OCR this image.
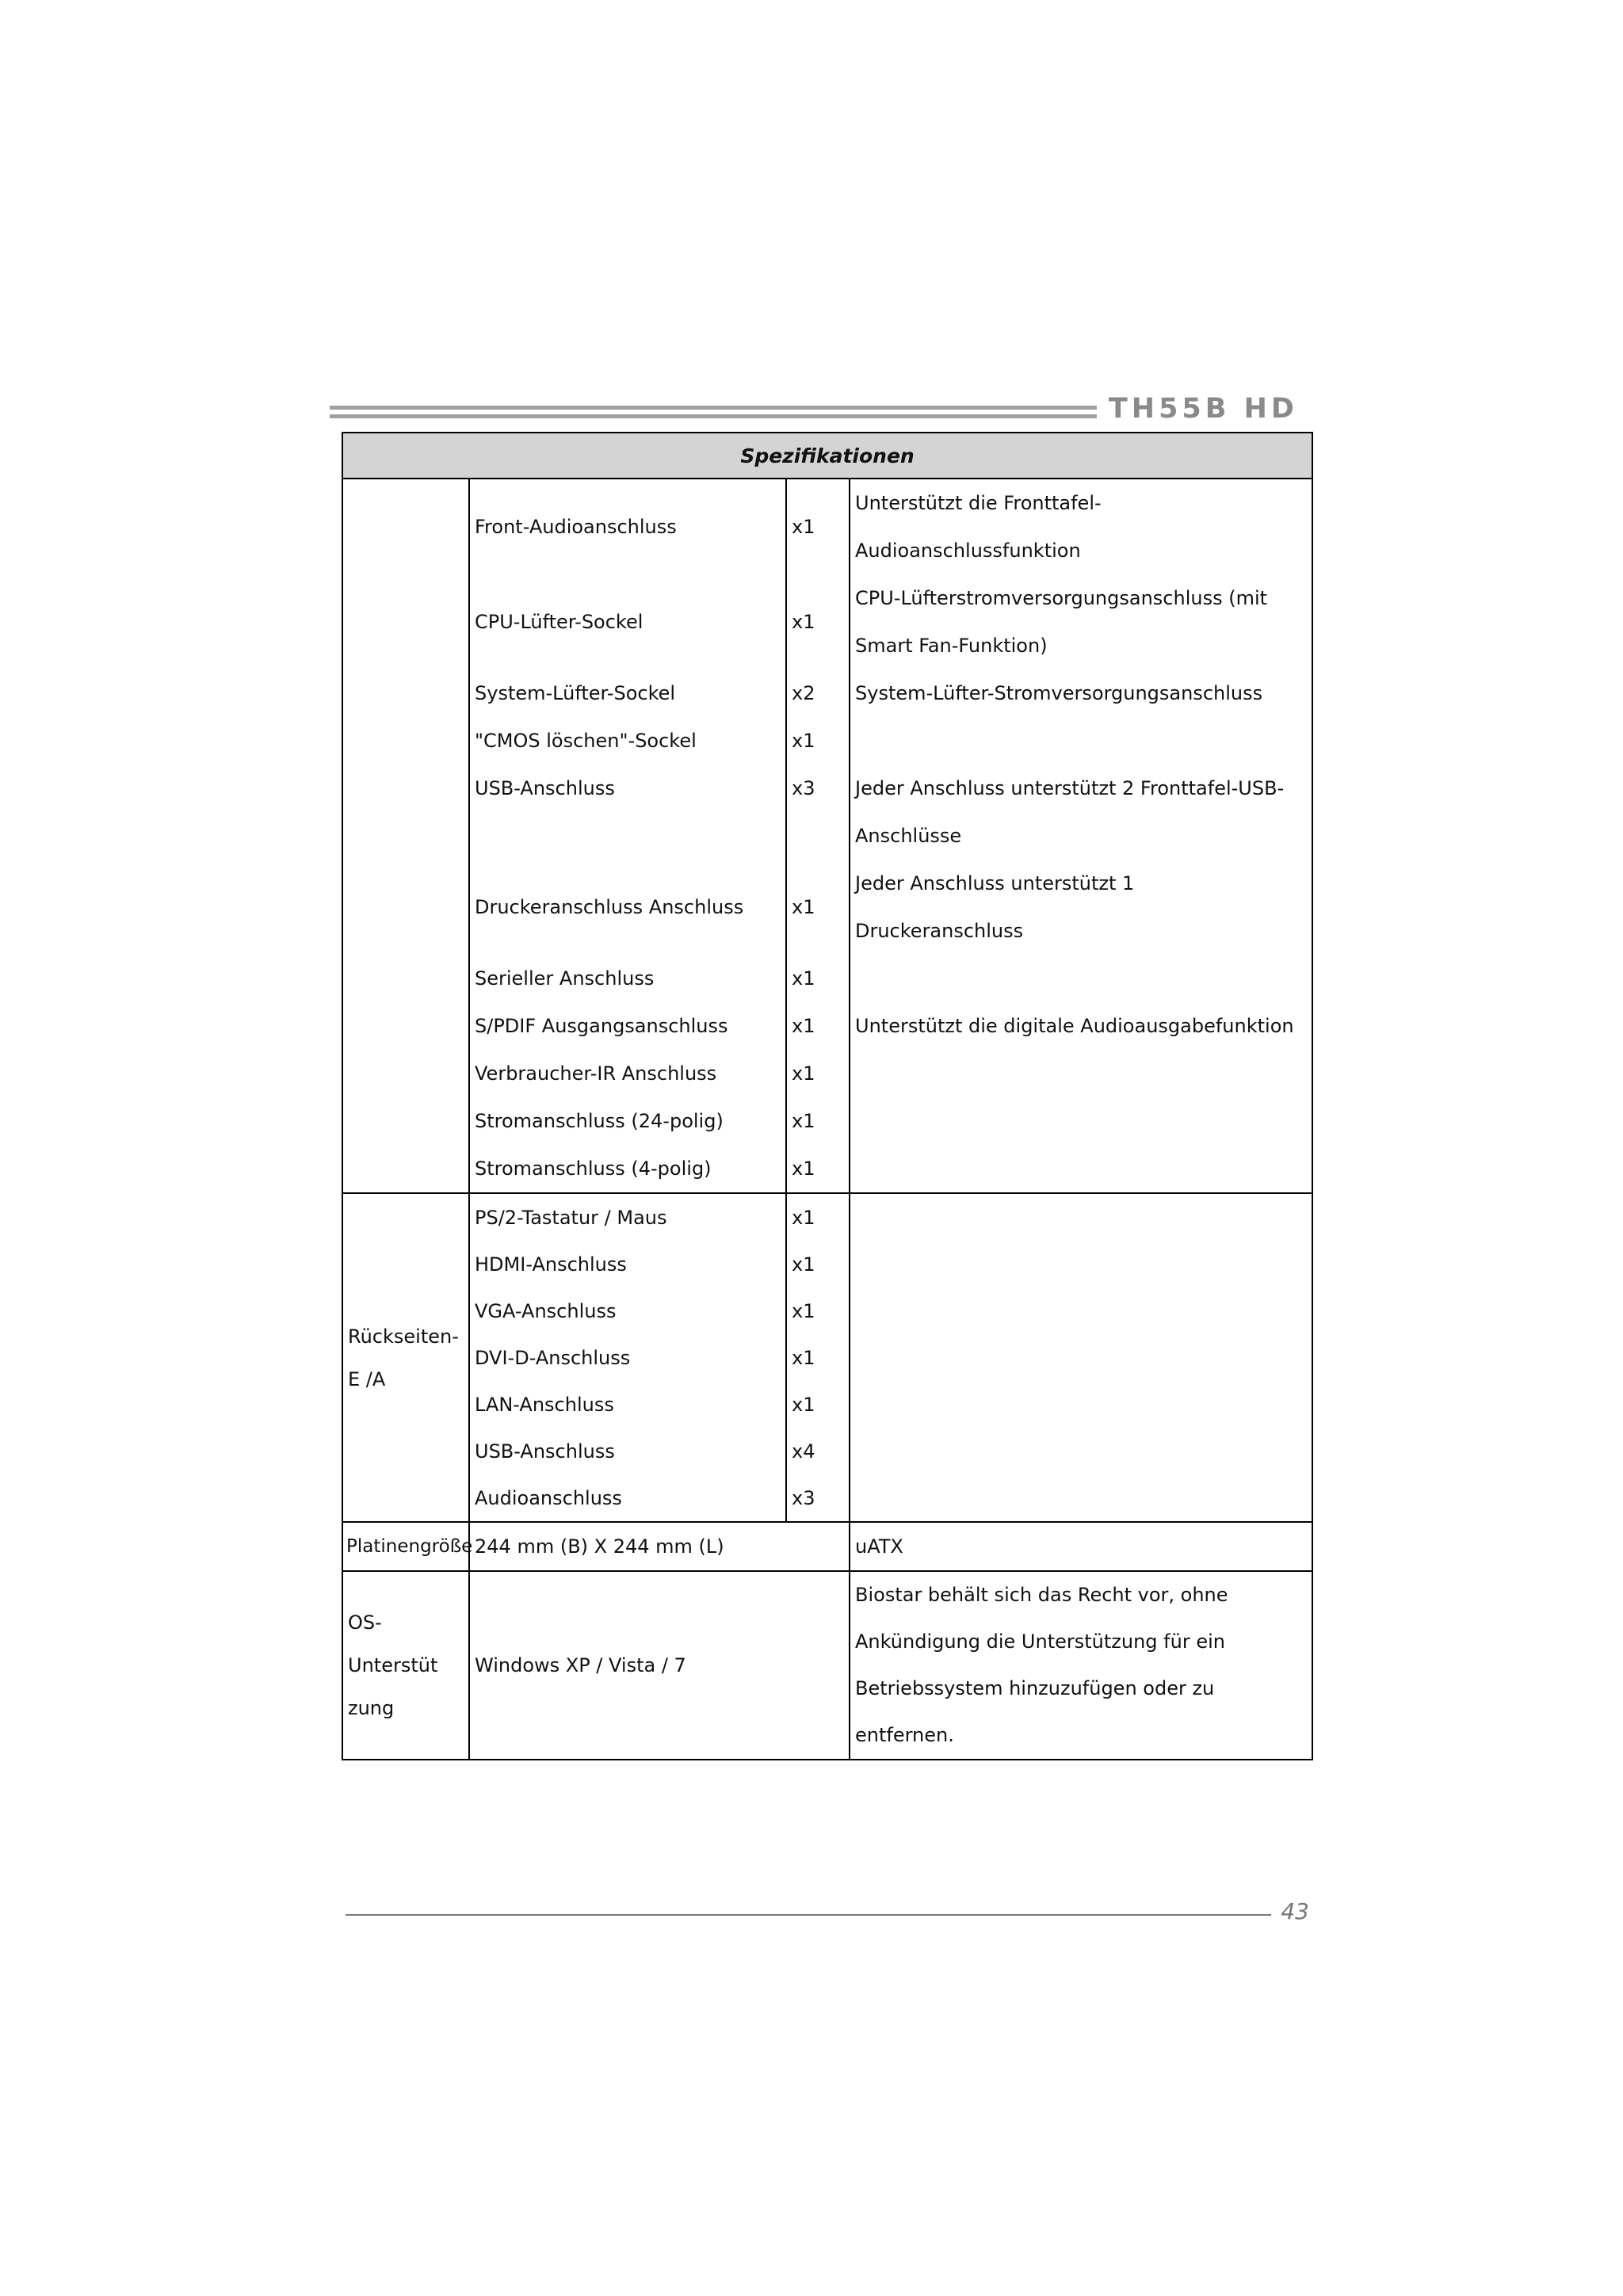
TH55B HD
Spezifikationen			
	Front-Audioanschluss	x1	Unterstützt die Fronttafel-Audioanschlussfunktion
	CPU-Lüfter-Sockel	x1	CPU-Lüfterstromversorgungsanschluss (mit Smart Fan-Funktion)
	System-Lüfter-Sockel	x2	System-Lüfter-Stromversorgungsanschluss
	"CMOS löschen"-Sockel	x1	
	USB-Anschluss	x3	Jeder Anschluss unterstützt 2 Fronttafel-USB-Anschlüsse
	Druckeranschluss Anschluss	x1	Jeder Anschluss unterstützt 1 Druckeranschluss
	Serieller Anschluss	x1	
	S/PDIF Ausgangsanschluss	x1	Unterstützt die digitale Audioausgabefunktion
	Verbraucher-IR Anschluss	x1	
	Stromanschluss (24-polig)	x1	
	Stromanschluss (4-polig)	x1	
Rückseiten-E /A	PS/2-Tastatur / Maus	x1	
	HDMI-Anschluss	x1	
	VGA-Anschluss	x1	
	DVI-D-Anschluss	x1	
	LAN-Anschluss	x1	
	USB-Anschluss	x4	
	Audioanschluss	x3	
Platinengröße	244 mm (B) X 244 mm (L)		uATX
OS-Unterstüt zung	Windows XP / Vista / 7		Biostar behält sich das Recht vor, ohne Ankündigung die Unterstützung für ein Betriebssystem hinzuzufügen oder zu entfernen.
43
